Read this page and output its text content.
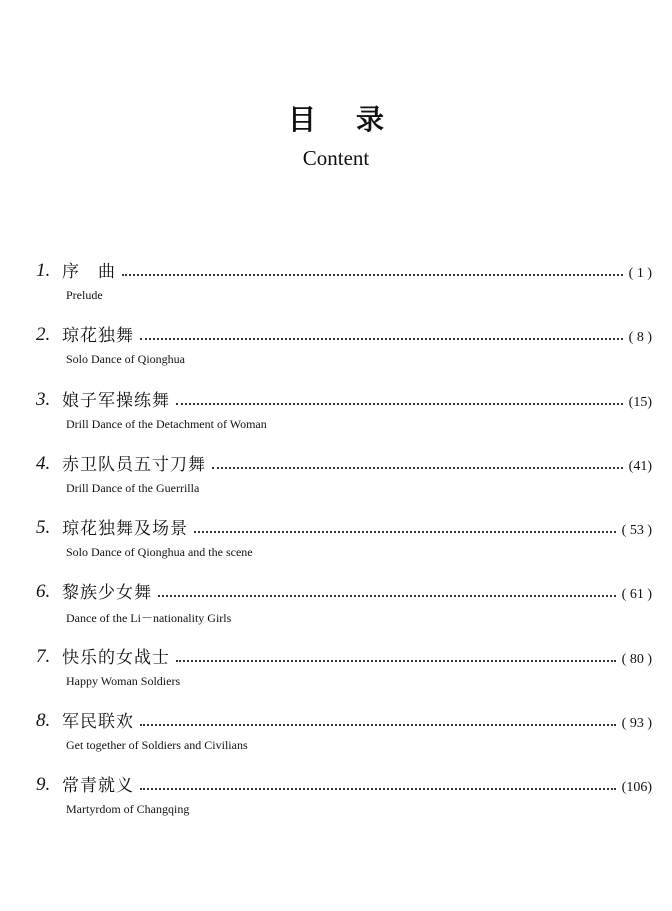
目录
Content
1. 序　曲	( 1 )
Prelude
2. 琼花独舞	( 8 )
Solo Dance of Qionghua
3. 娘子军操练舞	(15)
Drill Dance of the Detachment of Woman
4. 赤卫队员五寸刀舞	(41)
Drill Dance of the Guerrilla
5. 琼花独舞及场景	( 53 )
Solo Dance of Qionghua and the scene
6. 黎族少女舞	( 61 )
Dance of the Li－nationality Girls
7. 快乐的女战士	( 80 )
Happy Woman Soldiers
8. 军民联欢	( 93 )
Get together of Soldiers and Civilians
9. 常青就义	(106)
Martyrdom of Changqing
